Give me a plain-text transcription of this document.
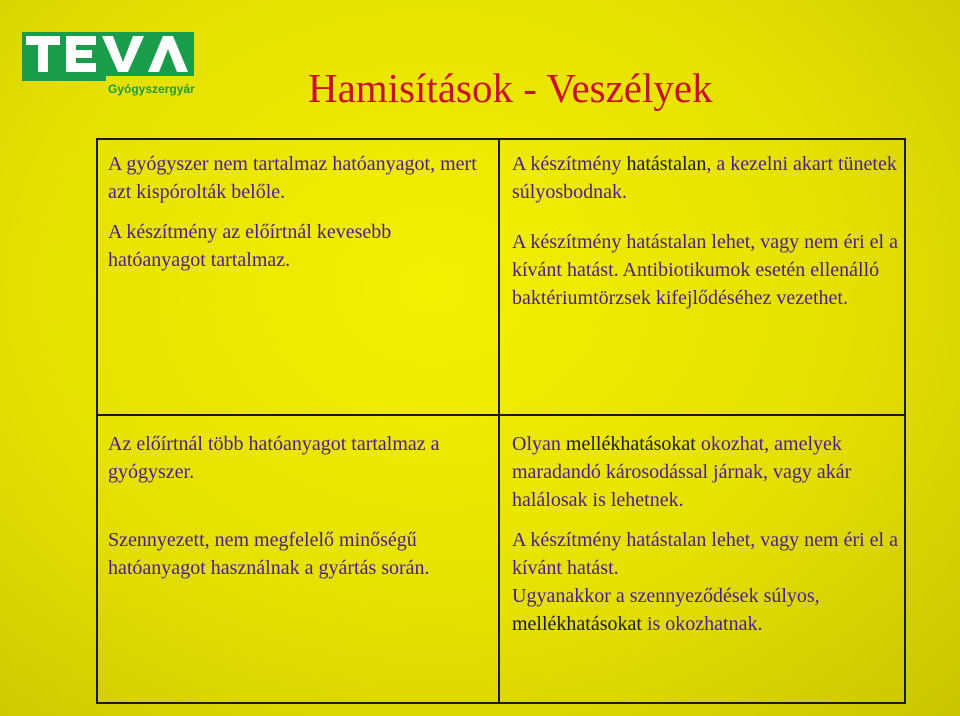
Gyógyszergyár	Hamisítások - Veszélyek

A gyógyszer nem tartalmaz hatóanyagot, mert azt kispórolták belőle.

A készítmény az előírtnál kevesebb hatóanyagot tartalmaz.

A készítmény hatástalan, a kezelni akart tünetek súlyosbodnak.

A készítmény hatástalan lehet, vagy nem éri el a kívánt hatást. Antibiotikumok esetén ellenálló baktériumtörzsek kifejlődéséhez vezethet.

Az előírtnál több hatóanyagot tartalmaz a gyógyszer.

Szennyezett, nem megfelelő minőségű hatóanyagot használnak a gyártás során.

Olyan mellékhatásokat okozhat, amelyek maradandó károsodással járnak, vagy akár halálosak is lehetnek.

A készítmény hatástalan lehet, vagy nem éri el a kívánt hatást.

Ugyanakkor a szennyeződések súlyos,

mellékhatásokat is okozhatnak.
